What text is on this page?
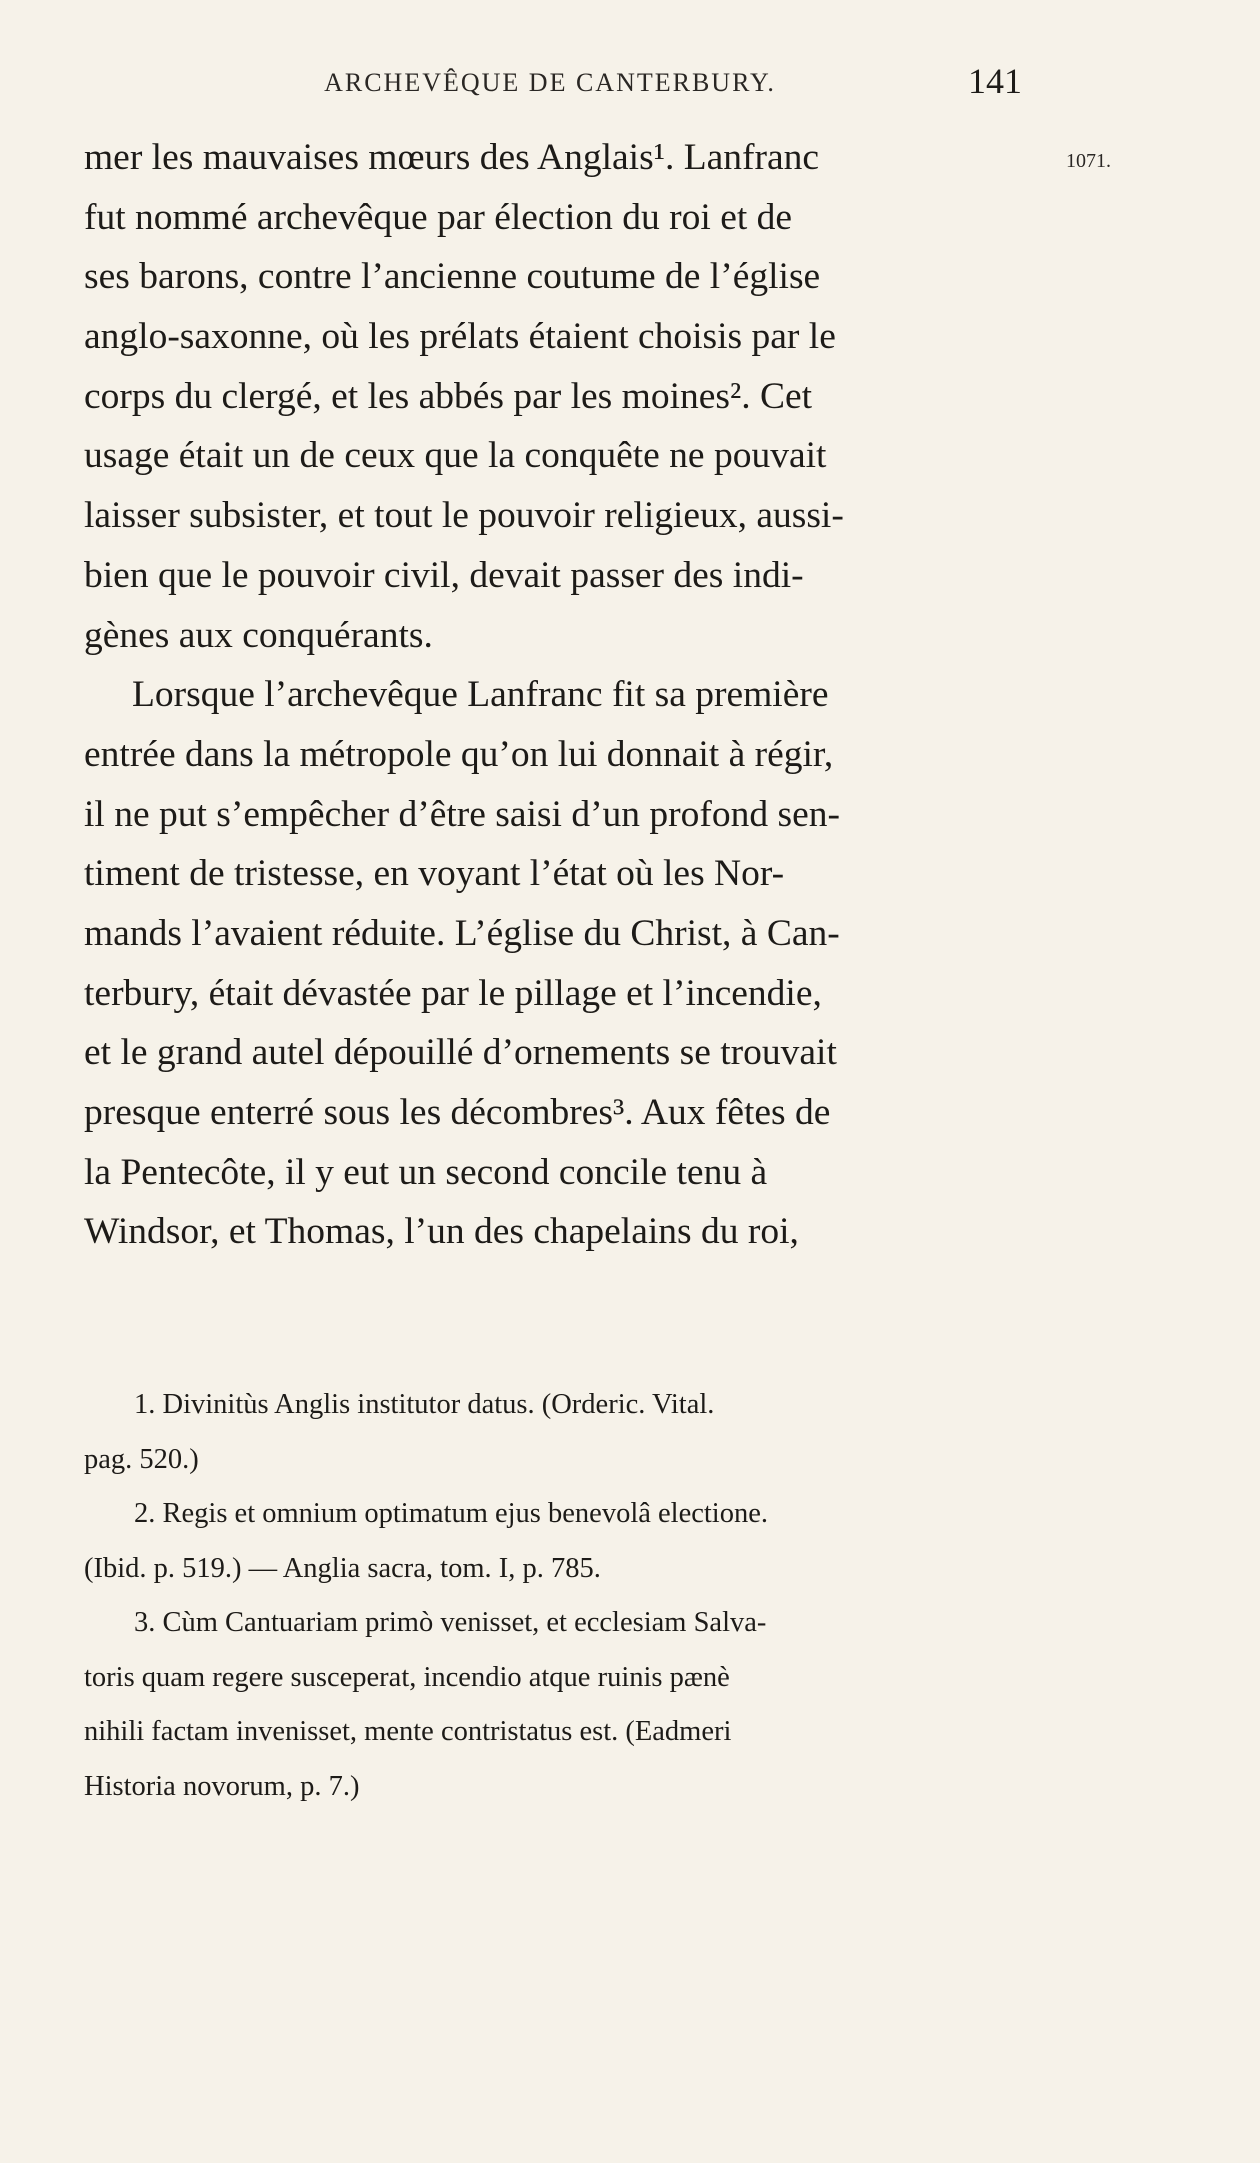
ARCHEVÊQUE DE CANTERBURY.	141
1071.
mer les mauvaises mœurs des Anglais¹. Lanfranc
fut nommé archevêque par élection du roi et de
ses barons, contre l’ancienne coutume de l’église
anglo-saxonne, où les prélats étaient choisis par le
corps du clergé, et les abbés par les moines². Cet
usage était un de ceux que la conquête ne pouvait
laisser subsister, et tout le pouvoir religieux, aussi-
bien que le pouvoir civil, devait passer des indi-
gènes aux conquérants.
Lorsque l’archevêque Lanfranc fit sa première
entrée dans la métropole qu’on lui donnait à régir,
il ne put s’empêcher d’être saisi d’un profond sen-
timent de tristesse, en voyant l’état où les Nor-
mands l’avaient réduite. L’église du Christ, à Can-
terbury, était dévastée par le pillage et l’incendie,
et le grand autel dépouillé d’ornements se trouvait
presque enterré sous les décombres³. Aux fêtes de
la Pentecôte, il y eut un second concile tenu à
Windsor, et Thomas, l’un des chapelains du roi,
1. Divinitùs Anglis institutor datus. (Orderic. Vital.
pag. 520.)
2. Regis et omnium optimatum ejus benevolâ electione.
(Ibid. p. 519.) — Anglia sacra, tom. I, p. 785.
3. Cùm Cantuariam primò venisset, et ecclesiam Salva-
toris quam regere susceperat, incendio atque ruinis pænè
nihili factam invenisset, mente contristatus est. (Eadmeri
Historia novorum, p. 7.)
